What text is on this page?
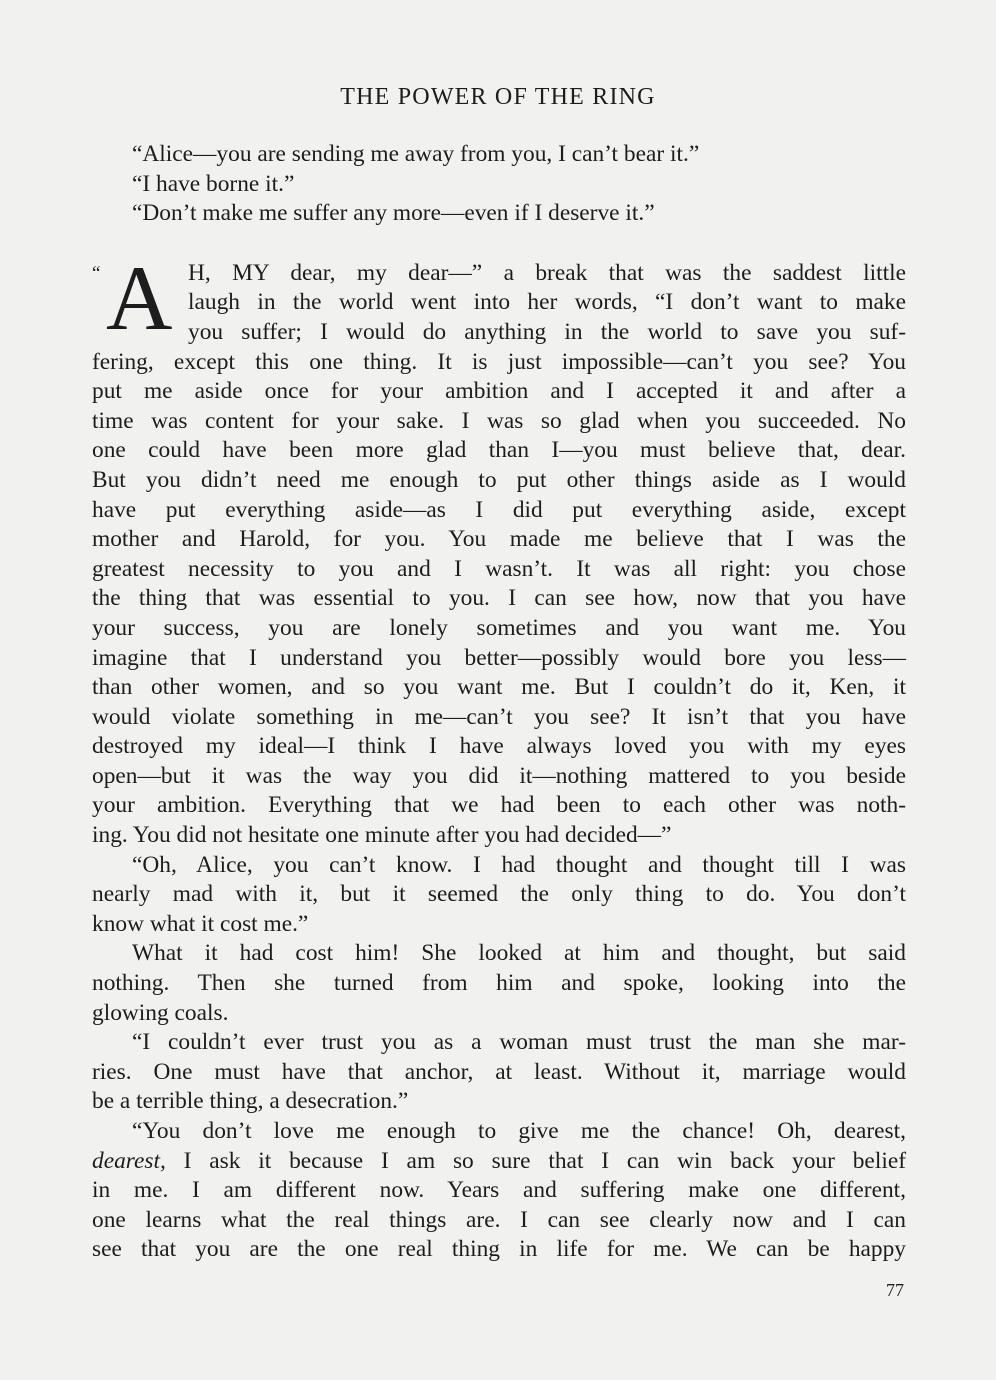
THE POWER OF THE RING

“Alice—you are sending me away from you, I can’t bear it.”

“I have borne it.”

“Don’t make me suffer any more—even if I deserve it.”

“ A H, MY dear, my dear—” a break that was the saddest little
laugh in the world went into her words, “I don’t want to make
you suffer; I would do anything in the world to save you suf-
fering, except this one thing. It is just impossible—can’t you see? You
put me aside once for your ambition and I accepted it and after a
time was content for your sake. I was so glad when you succeeded. No
one could have been more glad than I—you must believe that, dear.
But you didn’t need me enough to put other things aside as I would
have put everything aside—as I did put everything aside, except
mother and Harold, for you. You made me believe that I was the
greatest necessity to you and I wasn’t. It was all right: you chose
the thing that was essential to you. I can see how, now that you have
your success, you are lonely sometimes and you want me. You
imagine that I understand you better—possibly would bore you less—
than other women, and so you want me. But I couldn’t do it, Ken, it
would violate something in me—can’t you see? It isn’t that you have
destroyed my ideal—I think I have always loved you with my eyes
open—but it was the way you did it—nothing mattered to you beside
your ambition. Everything that we had been to each other was noth-
ing. You did not hesitate one minute after you had decided—”
“Oh, Alice, you can’t know. I had thought and thought till I was
nearly mad with it, but it seemed the only thing to do. You don’t
know what it cost me.”
What it had cost him! She looked at him and thought, but said
nothing. Then she turned from him and spoke, looking into the
glowing coals.
“I couldn’t ever trust you as a woman must trust the man she mar-
ries. One must have that anchor, at least. Without it, marriage would
be a terrible thing, a desecration.”
“You don’t love me enough to give me the chance! Oh, dearest,
dearest, I ask it because I am so sure that I can win back your belief
in me. I am different now. Years and suffering make one different,
one learns what the real things are. I can see clearly now and I can
see that you are the one real thing in life for me. We can be happy
77
